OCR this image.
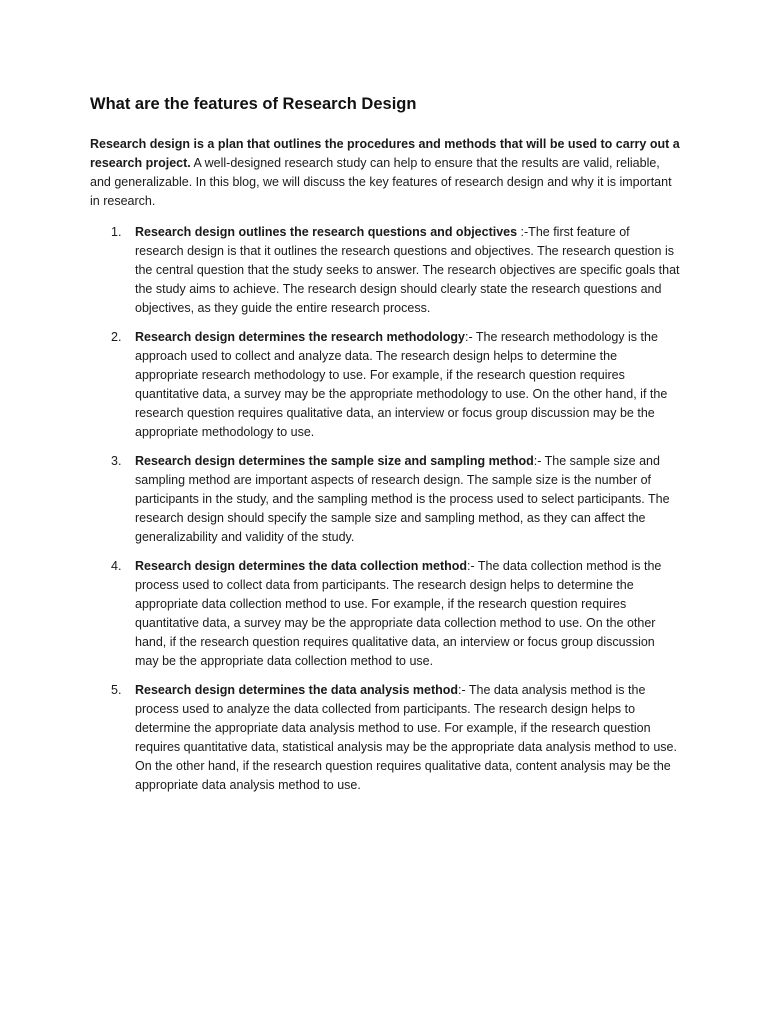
What are the features of Research Design

Research design is a plan that outlines the procedures and methods that will be used to carry out a research project. A well-designed research study can help to ensure that the results are valid, reliable, and generalizable. In this blog, we will discuss the key features of research design and why it is important in research.

1.	Research design outlines the research questions and objectives :-The first feature of research design is that it outlines the research questions and objectives. The research question is the central question that the study seeks to answer. The research objectives are specific goals that the study aims to achieve. The research design should clearly state the research questions and objectives, as they guide the entire research process.
2.	Research design determines the research methodology:- The research methodology is the approach used to collect and analyze data. The research design helps to determine the appropriate research methodology to use. For example, if the research question requires quantitative data, a survey may be the appropriate methodology to use. On the other hand, if the research question requires qualitative data, an interview or focus group discussion may be the appropriate methodology to use.
3.	Research design determines the sample size and sampling method:- The sample size and sampling method are important aspects of research design. The sample size is the number of participants in the study, and the sampling method is the process used to select participants. The research design should specify the sample size and sampling method, as they can affect the generalizability and validity of the study.
4.	Research design determines the data collection method:- The data collection method is the process used to collect data from participants. The research design helps to determine the appropriate data collection method to use. For example, if the research question requires quantitative data, a survey may be the appropriate data collection method to use. On the other hand, if the research question requires qualitative data, an interview or focus group discussion may be the appropriate data collection method to use.
5.	Research design determines the data analysis method:- The data analysis method is the process used to analyze the data collected from participants. The research design helps to determine the appropriate data analysis method to use. For example, if the research question requires quantitative data, statistical analysis may be the appropriate data analysis method to use. On the other hand, if the research question requires qualitative data, content analysis may be the appropriate data analysis method to use.
